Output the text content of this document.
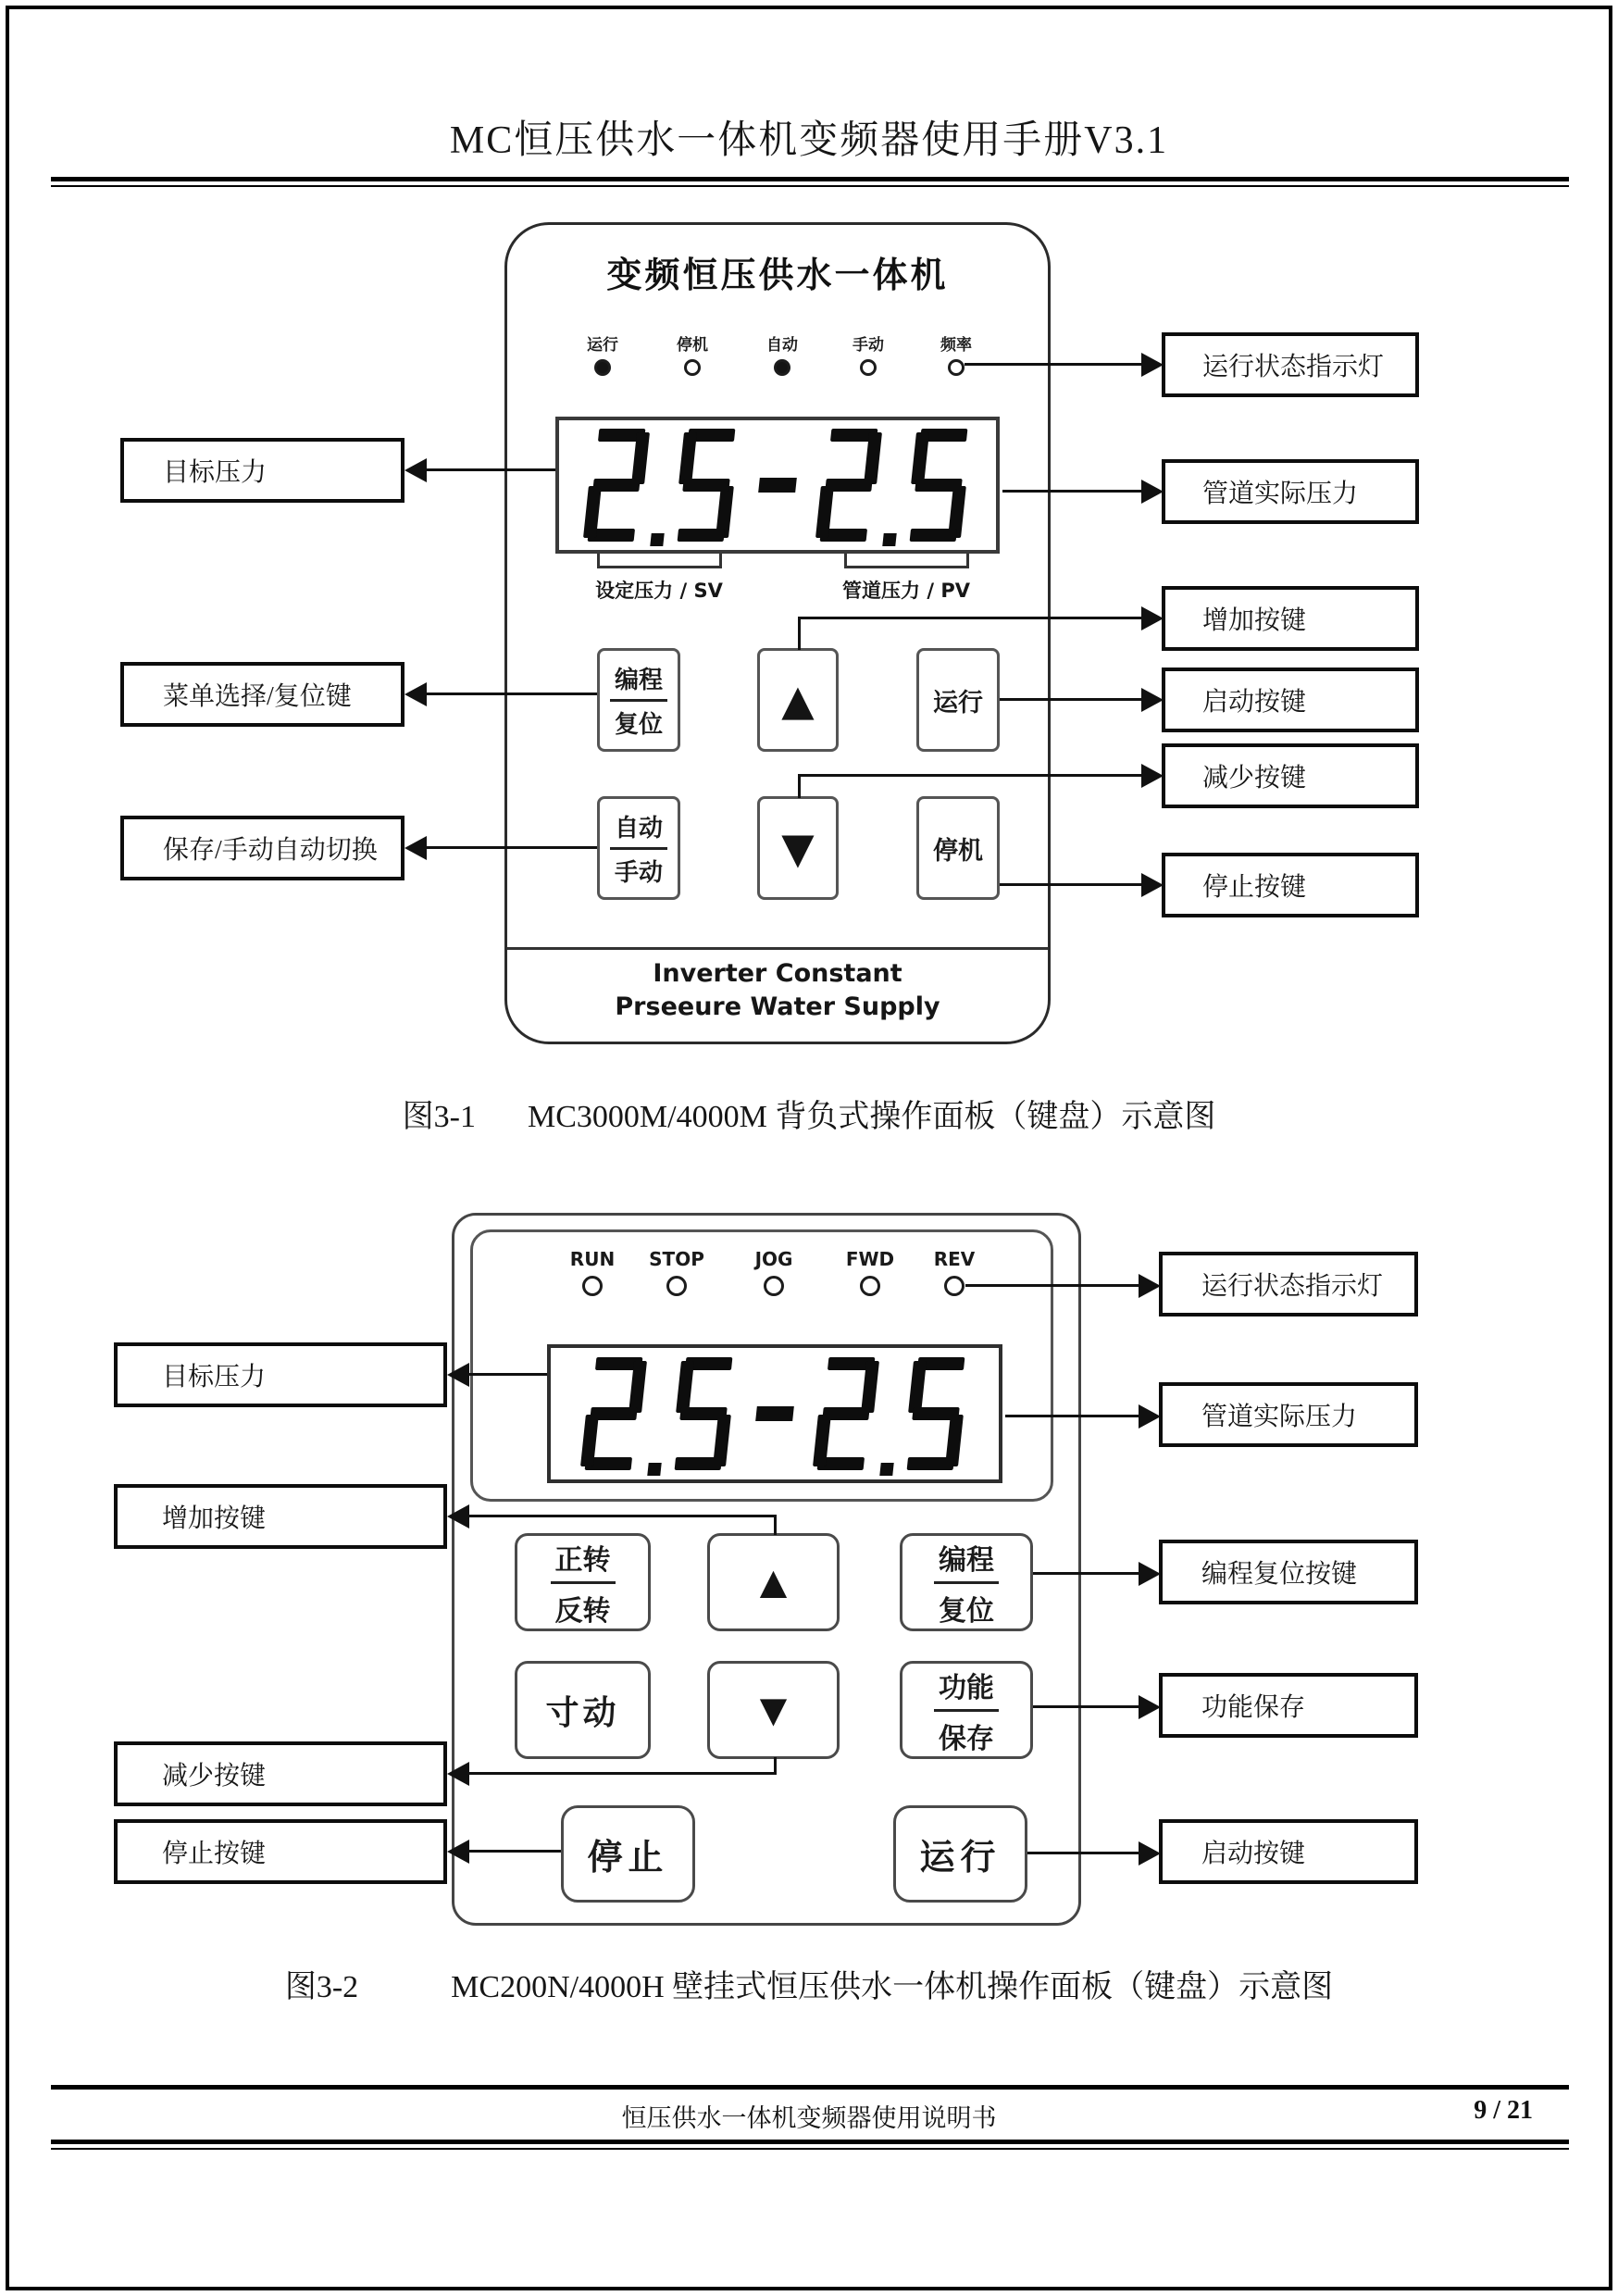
MC恒压供水一体机变频器使用手册V3.1
变频恒压供水一体机
运行	停机	自动	手动	频率
设定压力 / SV	管道压力 / PV
编程
复位	▲	运行
自动
手动	▼	停机
Inverter Constant
Prseeure Water Supply
目标压力
菜单选择/复位键
保存/手动自动切换
运行状态指示灯
管道实际压力
增加按键
启动按键
减少按键
停止按键
图3-1 MC3000M/4000M 背负式操作面板（键盘）示意图
RUN	STOP	JOG	FWD	REV
正转
反转
▲	编程
复位
寸动	▼	功能
保存
停止	运行
目标压力
增加按键
减少按键
停止按键
运行状态指示灯
管道实际压力
编程复位按键
功能保存
启动按键
图3-2	MC200N/4000H 壁挂式恒压供水一体机操作面板（键盘）示意图
恒压供水一体机变频器使用说明书	9 / 21
